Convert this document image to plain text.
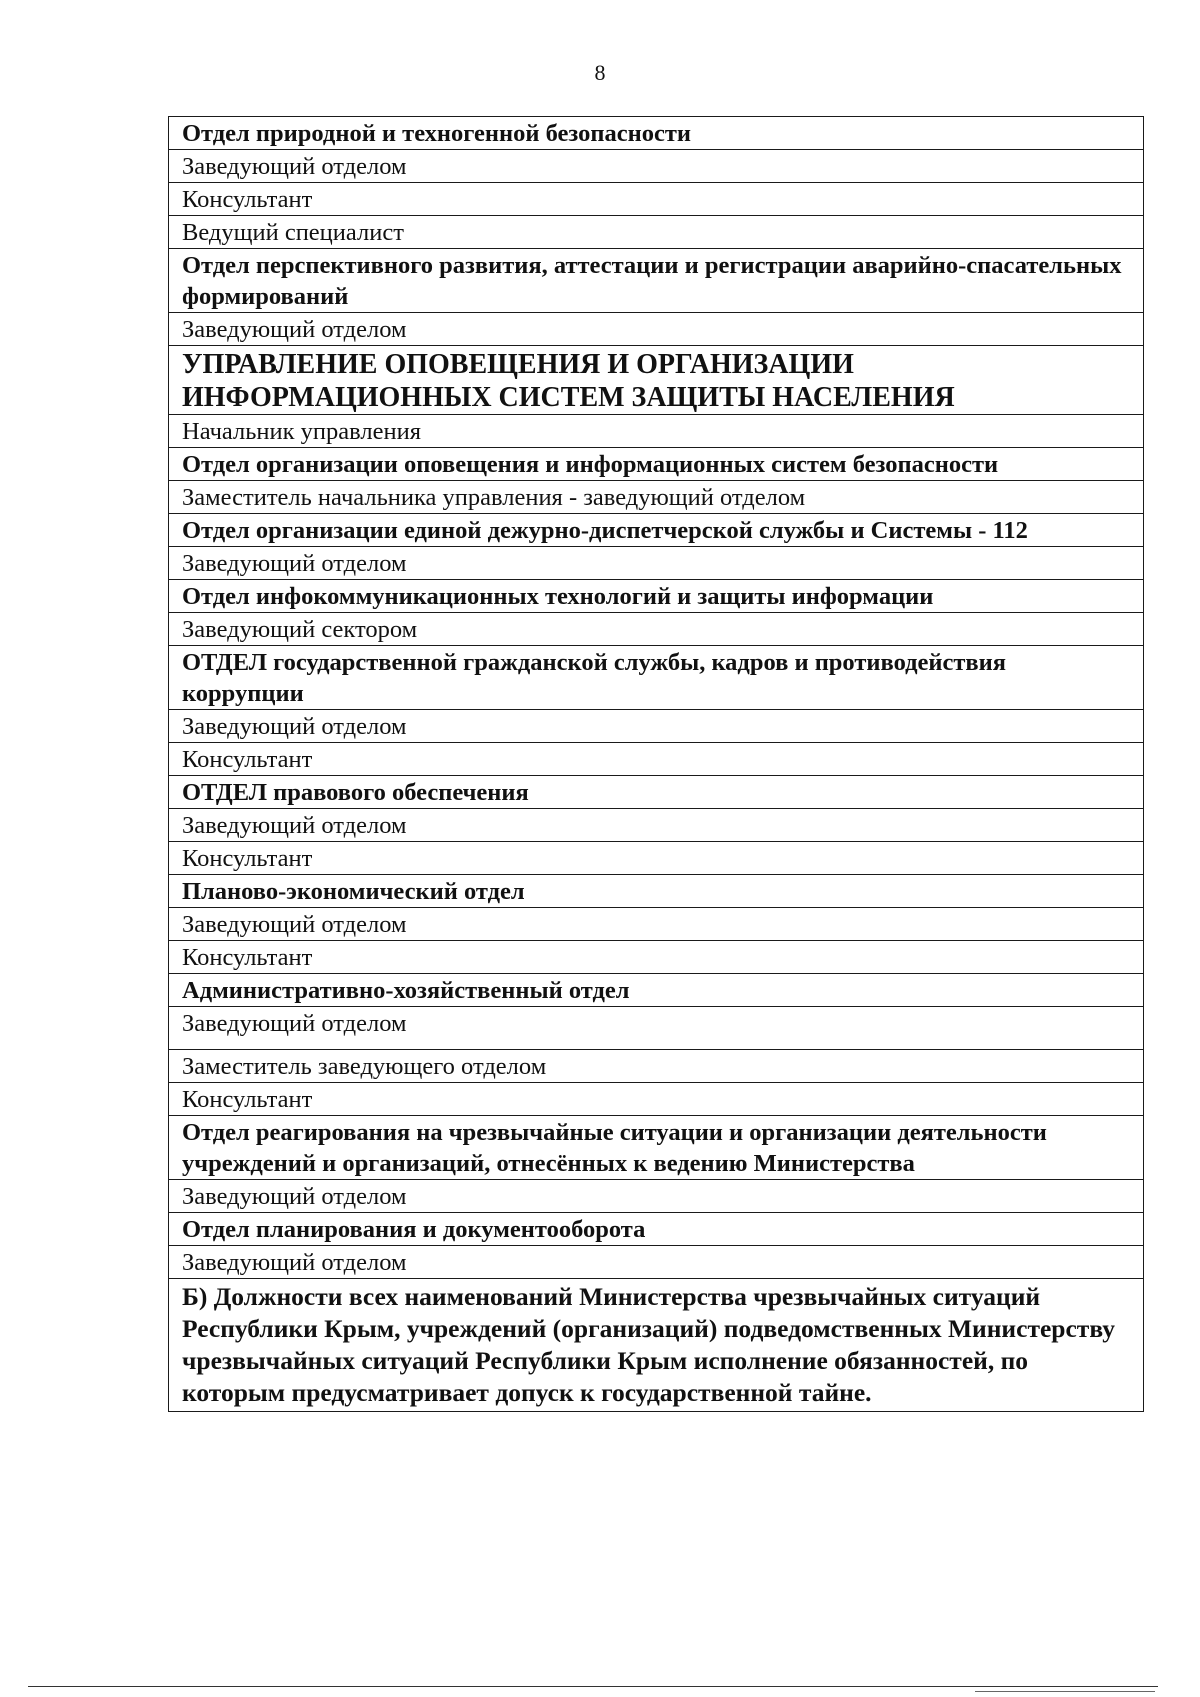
8
Отдел природной и техногенной безопасности
Заведующий отделом
Консультант
Ведущий специалист
Отдел перспективного развития, аттестации и регистрации аварийно-спасательных формирований
Заведующий отделом
УПРАВЛЕНИЕ ОПОВЕЩЕНИЯ И ОРГАНИЗАЦИИ ИНФОРМАЦИОННЫХ СИСТЕМ ЗАЩИТЫ НАСЕЛЕНИЯ
Начальник управления
Отдел организации оповещения и информационных систем безопасности
Заместитель начальника управления - заведующий отделом
Отдел организации единой дежурно-диспетчерской службы и Системы - 112
Заведующий отделом
Отдел инфокоммуникационных технологий и защиты информации
Заведующий сектором
ОТДЕЛ государственной гражданской службы, кадров и противодействия коррупции
Заведующий отделом
Консультант
ОТДЕЛ правового обеспечения
Заведующий отделом
Консультант
Планово-экономический отдел
Заведующий отделом
Консультант
Административно-хозяйственный отдел
Заведующий отделом
Заместитель заведующего отделом
Консультант
Отдел реагирования на чрезвычайные ситуации и организации деятельности учреждений и организаций, отнесённых к ведению Министерства
Заведующий отделом
Отдел планирования и документооборота
Заведующий отделом
Б) Должности всех наименований Министерства чрезвычайных ситуаций Республики Крым, учреждений (организаций) подведомственных Министерству чрезвычайных ситуаций Республики Крым исполнение обязанностей, по которым предусматривает допуск к государственной тайне.
